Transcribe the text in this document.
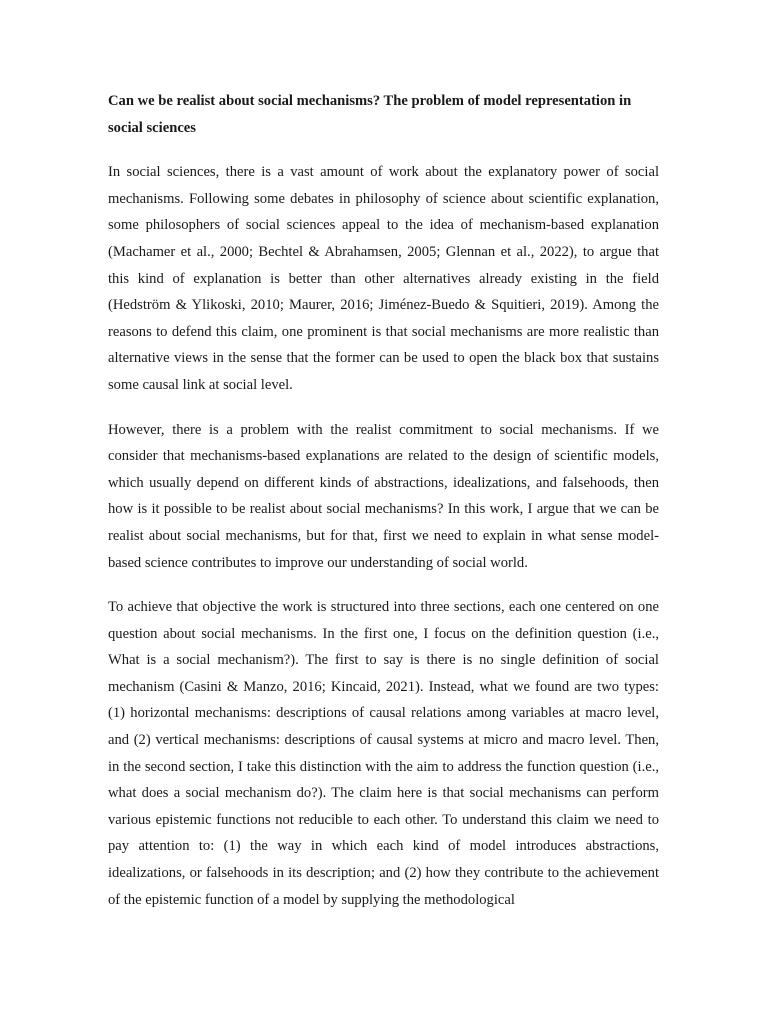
Can we be realist about social mechanisms? The problem of model representation in social sciences

In social sciences, there is a vast amount of work about the explanatory power of social mechanisms. Following some debates in philosophy of science about scientific explanation, some philosophers of social sciences appeal to the idea of mechanism-based explanation (Machamer et al., 2000; Bechtel & Abrahamsen, 2005; Glennan et al., 2022), to argue that this kind of explanation is better than other alternatives already existing in the field (Hedström & Ylikoski, 2010; Maurer, 2016; Jiménez-Buedo & Squitieri, 2019). Among the reasons to defend this claim, one prominent is that social mechanisms are more realistic than alternative views in the sense that the former can be used to open the black box that sustains some causal link at social level.

However, there is a problem with the realist commitment to social mechanisms. If we consider that mechanisms-based explanations are related to the design of scientific models, which usually depend on different kinds of abstractions, idealizations, and falsehoods, then how is it possible to be realist about social mechanisms? In this work, I argue that we can be realist about social mechanisms, but for that, first we need to explain in what sense model-based science contributes to improve our understanding of social world.

To achieve that objective the work is structured into three sections, each one centered on one question about social mechanisms. In the first one, I focus on the definition question (i.e., What is a social mechanism?). The first to say is there is no single definition of social mechanism (Casini & Manzo, 2016; Kincaid, 2021). Instead, what we found are two types: (1) horizontal mechanisms: descriptions of causal relations among variables at macro level, and (2) vertical mechanisms: descriptions of causal systems at micro and macro level. Then, in the second section, I take this distinction with the aim to address the function question (i.e., what does a social mechanism do?). The claim here is that social mechanisms can perform various epistemic functions not reducible to each other. To understand this claim we need to pay attention to: (1) the way in which each kind of model introduces abstractions, idealizations, or falsehoods in its description; and (2) how they contribute to the achievement of the epistemic function of a model by supplying the methodological
